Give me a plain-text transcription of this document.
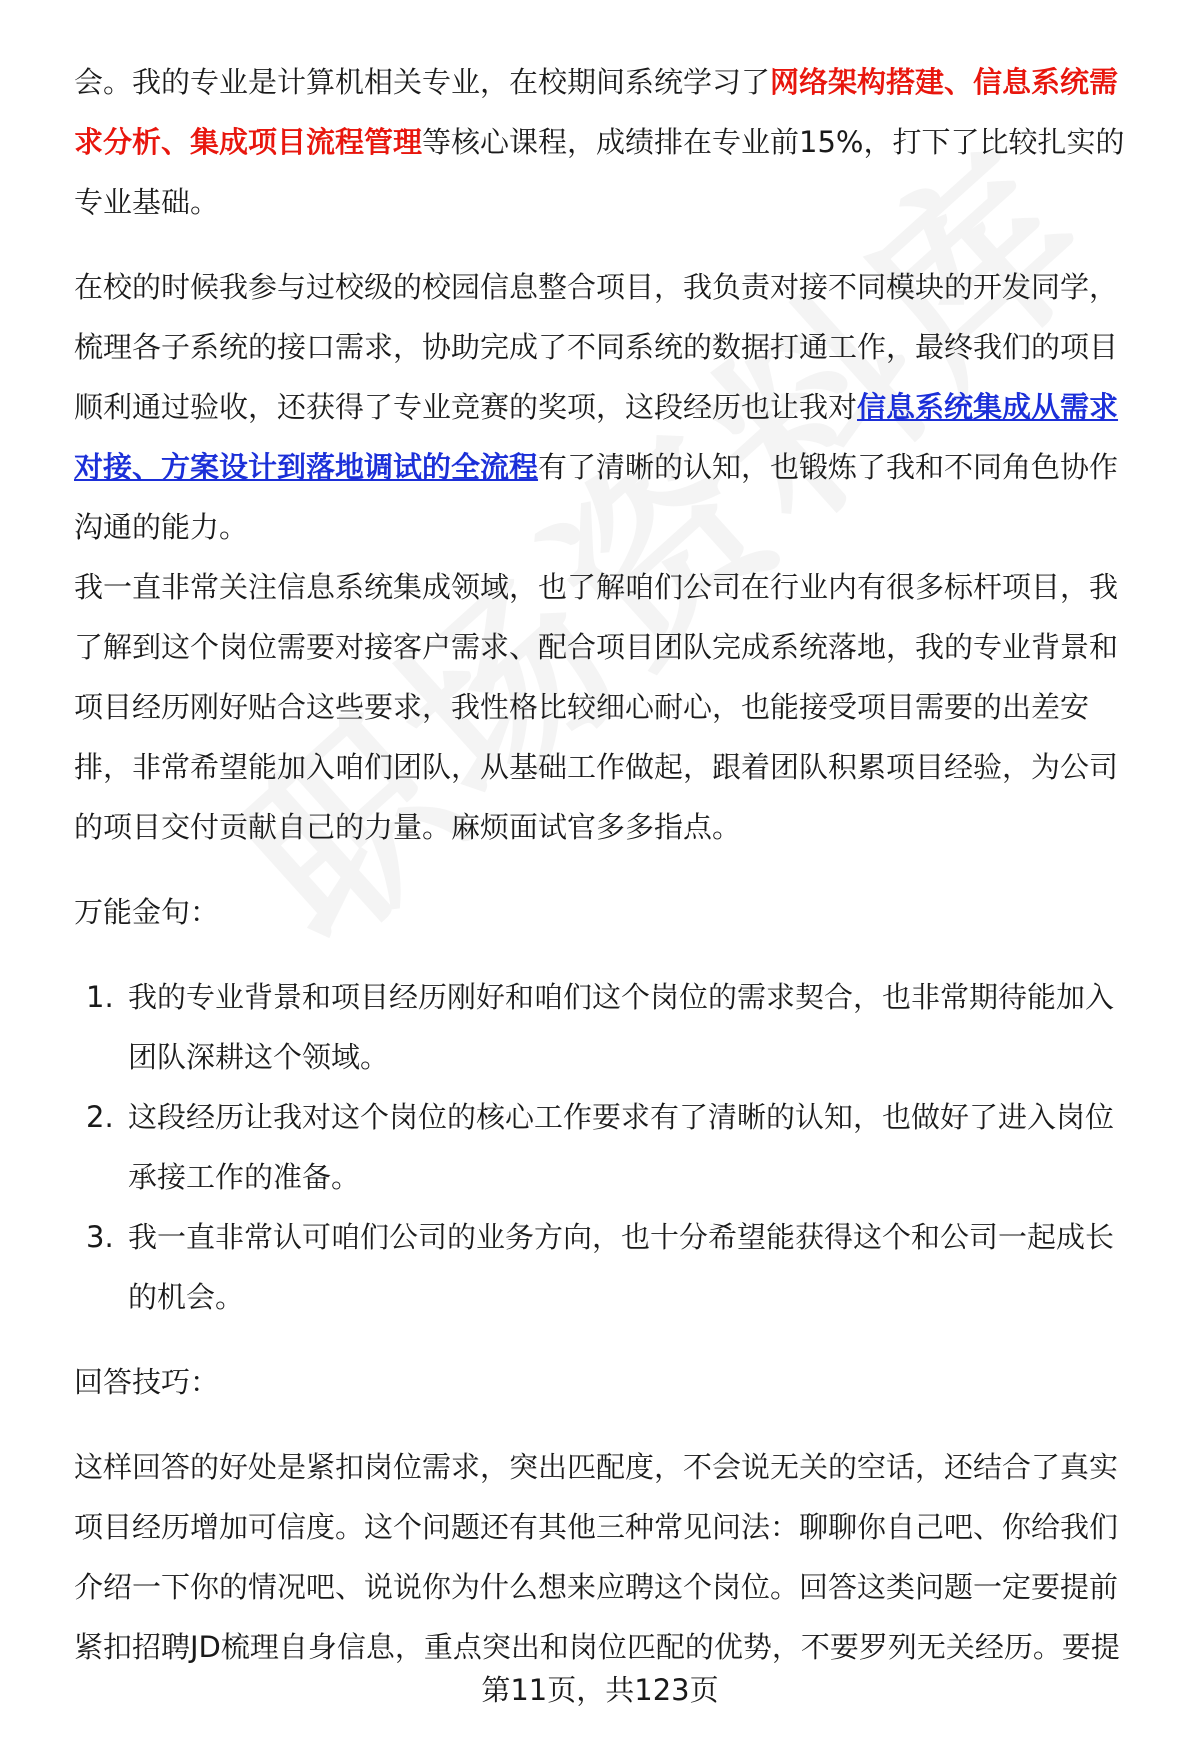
会。我的专业是计算机相关专业，在校期间系统学习了网络架构搭建、信息系统需
求分析、集成项目流程管理等核心课程，成绩排在专业前15%，打下了比较扎实的
专业基础。
在校的时候我参与过校级的校园信息整合项目，我负责对接不同模块的开发同学，
梳理各子系统的接口需求，协助完成了不同系统的数据打通工作，最终我们的项目
顺利通过验收，还获得了专业竞赛的奖项，这段经历也让我对信息系统集成从需求
对接、方案设计到落地调试的全流程有了清晰的认知，也锻炼了我和不同角色协作
沟通的能力。
我一直非常关注信息系统集成领域，也了解咱们公司在行业内有很多标杆项目，我
了解到这个岗位需要对接客户需求、配合项目团队完成系统落地，我的专业背景和
项目经历刚好贴合这些要求，我性格比较细心耐心，也能接受项目需要的出差安
排，非常希望能加入咱们团队，从基础工作做起，跟着团队积累项目经验，为公司
的项目交付贡献自己的力量。麻烦面试官多多指点。
万能金句：
1. 我的专业背景和项目经历刚好和咱们这个岗位的需求契合，也非常期待能加入
团队深耕这个领域。
2. 这段经历让我对这个岗位的核心工作要求有了清晰的认知，也做好了进入岗位
承接工作的准备。
3. 我一直非常认可咱们公司的业务方向，也十分希望能获得这个和公司一起成长
的机会。
回答技巧：
这样回答的好处是紧扣岗位需求，突出匹配度，不会说无关的空话，还结合了真实
项目经历增加可信度。这个问题还有其他三种常见问法：聊聊你自己吧、你给我们
介绍一下你的情况吧、说说你为什么想来应聘这个岗位。回答这类问题一定要提前
紧扣招聘JD梳理自身信息，重点突出和岗位匹配的优势，不要罗列无关经历。要提
第11页，共123页
